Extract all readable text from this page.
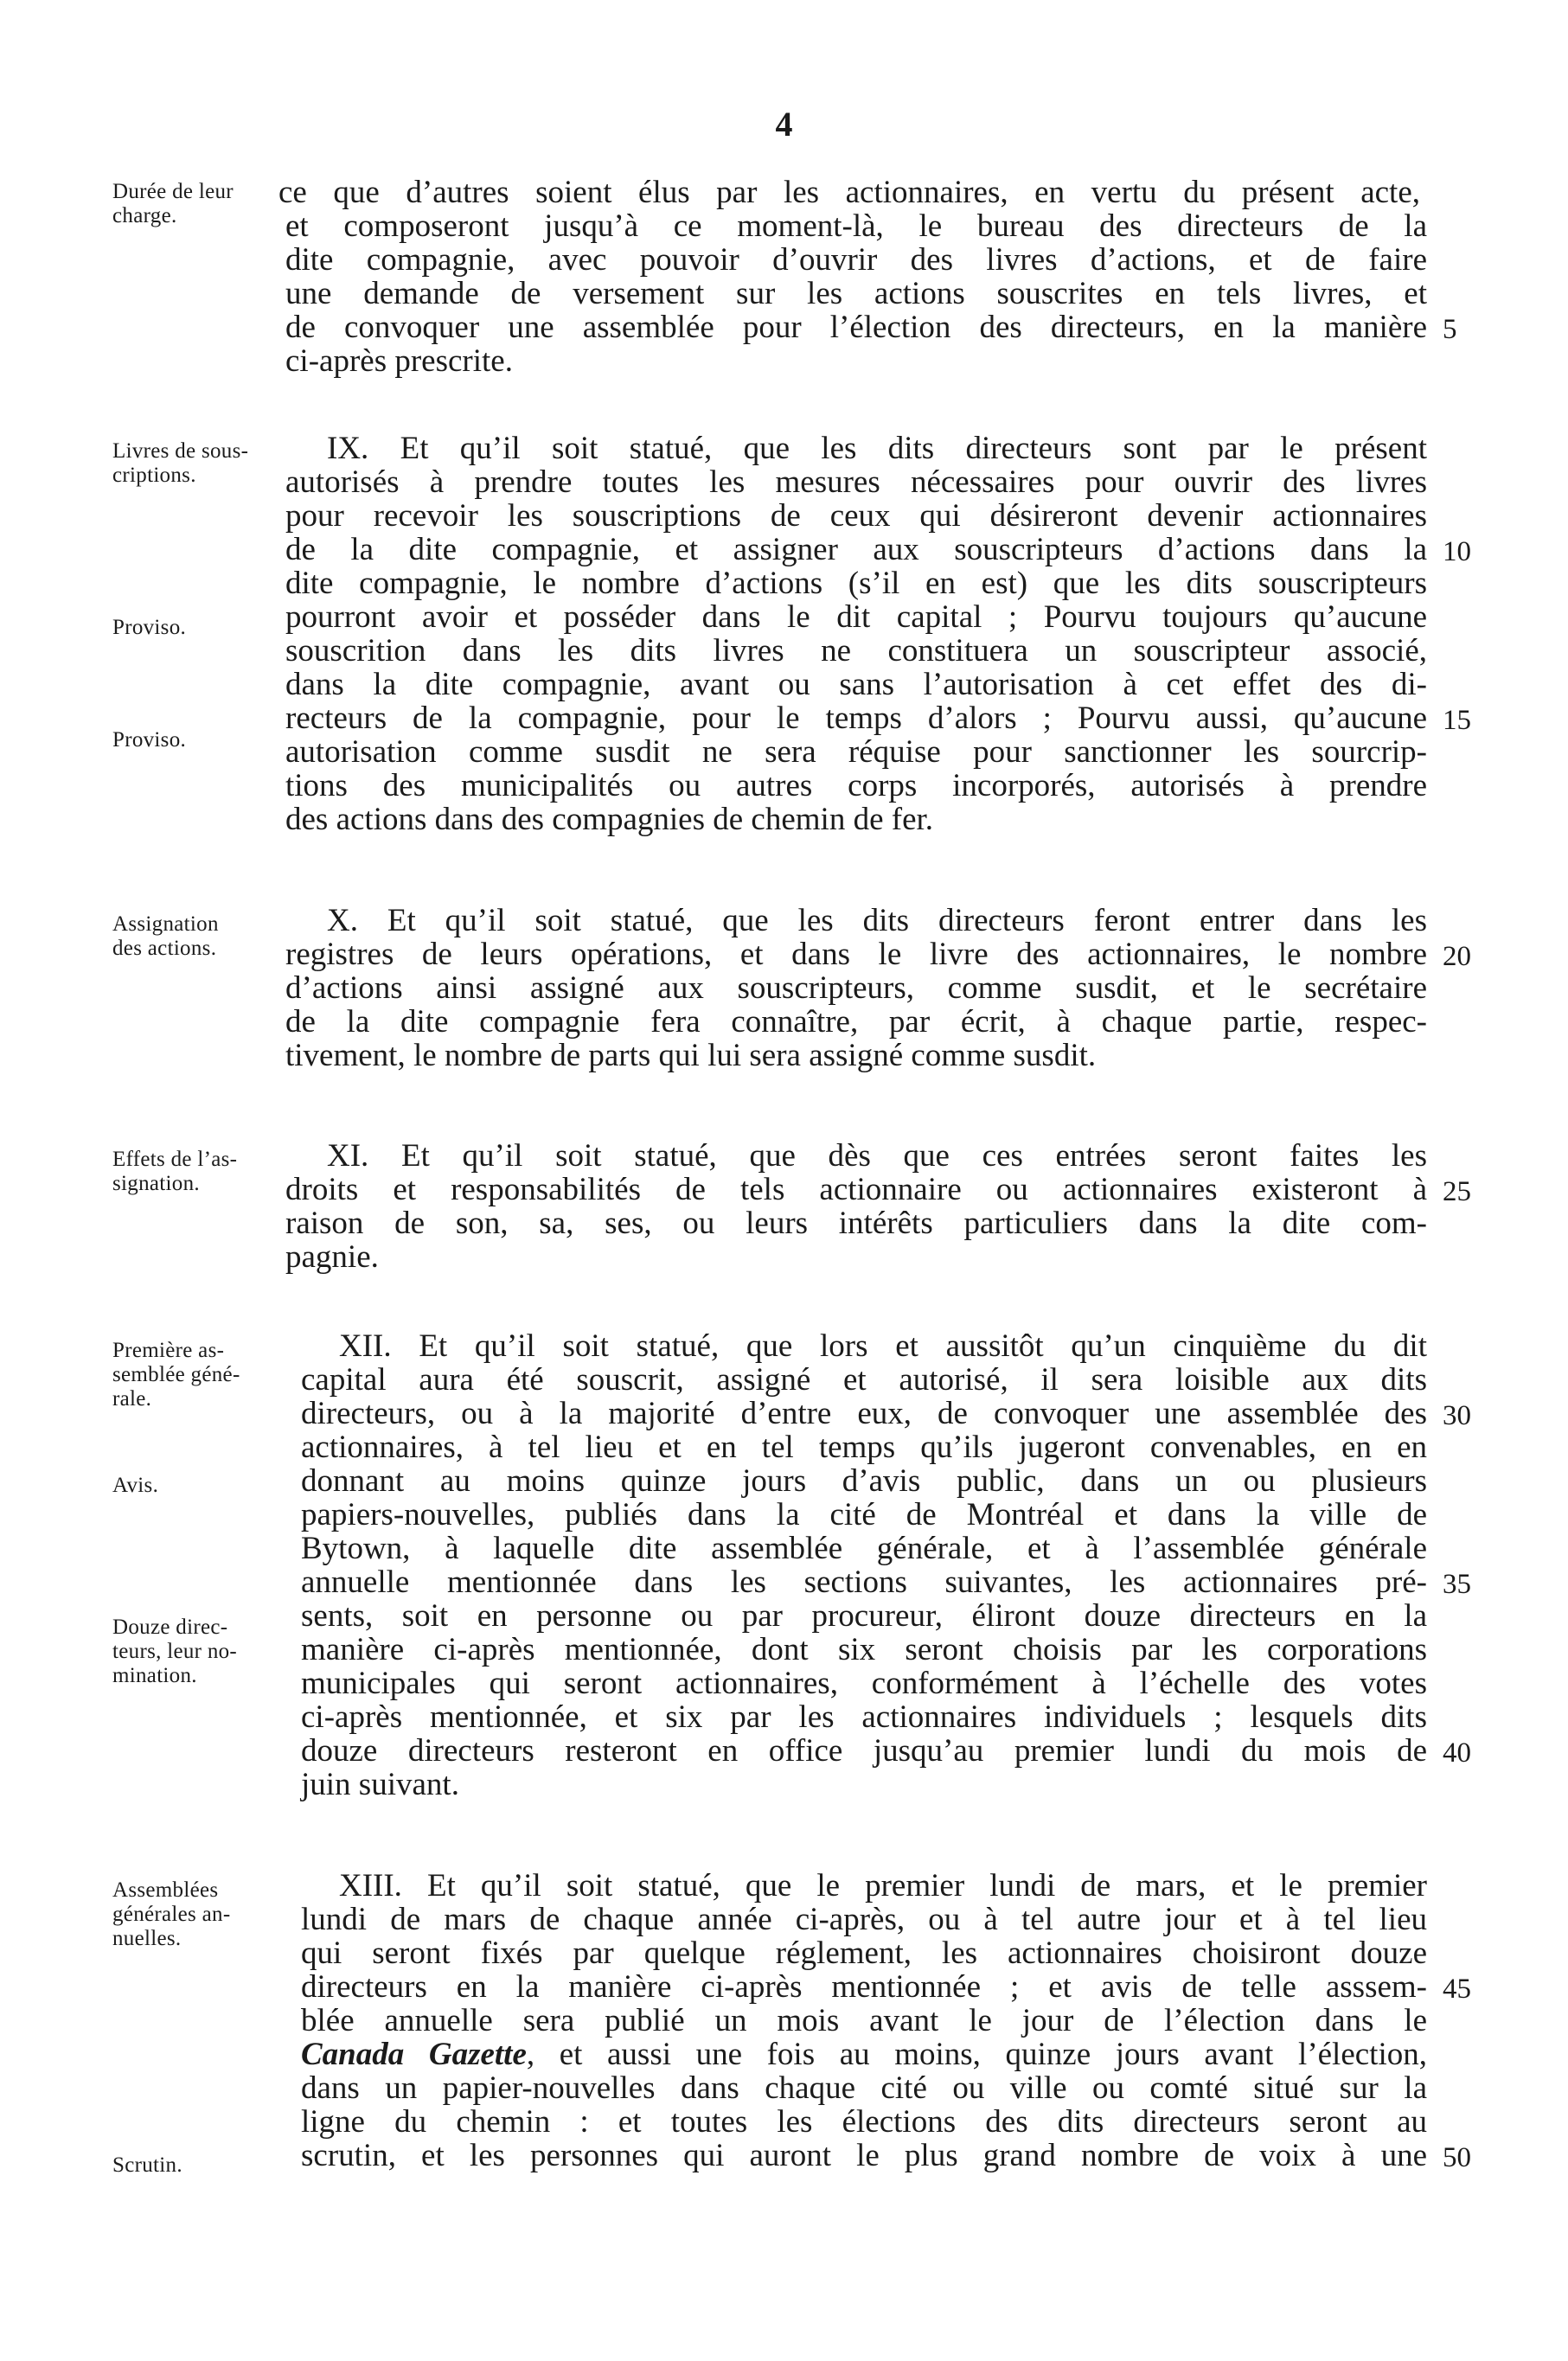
4
Durée de leur
charge.
ce que d’autres soient élus par les actionnaires, en vertu du présent acte,
et composeront jusqu’à ce moment-là, le bureau des directeurs de la
dite compagnie, avec pouvoir d’ouvrir des livres d’actions, et de faire
une demande de versement sur les actions souscrites en tels livres, et
de convoquer une assemblée pour l’élection des directeurs, en la manière 5
ci-après prescrite.
Livres de sous-
criptions.
Proviso.
Proviso.
IX. Et qu’il soit statué, que les dits directeurs sont par le présent
autorisés à prendre toutes les mesures nécessaires pour ouvrir des livres
pour recevoir les souscriptions de ceux qui désireront devenir actionnaires
de la dite compagnie, et assigner aux souscripteurs d’actions dans la 10
dite compagnie, le nombre d’actions (s’il en est) que les dits souscripteurs
pourront avoir et posséder dans le dit capital ; Pourvu toujours qu’aucune
souscrition dans les dits livres ne constituera un souscripteur associé,
dans la dite compagnie, avant ou sans l’autorisation à cet effet des di-
recteurs de la compagnie, pour le temps d’alors ; Pourvu aussi, qu’aucune 15
autorisation comme susdit ne sera réquise pour sanctionner les sourcrip-
tions des municipalités ou autres corps incorporés, autorisés à prendre
des actions dans des compagnies de chemin de fer.
Assignation
des actions.
X. Et qu’il soit statué, que les dits directeurs feront entrer dans les
registres de leurs opérations, et dans le livre des actionnaires, le nombre 20
d’actions ainsi assigné aux souscripteurs, comme susdit, et le secrétaire
de la dite compagnie fera connaître, par écrit, à chaque partie, respec-
tivement, le nombre de parts qui lui sera assigné comme susdit.
Effets de l’as-
signation.
XI. Et qu’il soit statué, que dès que ces entrées seront faites les
droits et responsabilités de tels actionnaire ou actionnaires existeront à 25
raison de son, sa, ses, ou leurs intérêts particuliers dans la dite com-
pagnie.
Première as-
semblée géné-
rale.
Avis.
Douze direc-
teurs, leur no-
mination.
XII. Et qu’il soit statué, que lors et aussitôt qu’un cinquième du dit
capital aura été souscrit, assigné et autorisé, il sera loisible aux dits
directeurs, ou à la majorité d’entre eux, de convoquer une assemblée des 30
actionnaires, à tel lieu et en tel temps qu’ils jugeront convenables, en en
donnant au moins quinze jours d’avis public, dans un ou plusieurs
papiers-nouvelles, publiés dans la cité de Montréal et dans la ville de
Bytown, à laquelle dite assemblée générale, et à l’assemblée générale
annuelle mentionnée dans les sections suivantes, les actionnaires pré- 35
sents, soit en personne ou par procureur, éliront douze directeurs en la
manière ci-après mentionnée, dont six seront choisis par les corporations
municipales qui seront actionnaires, conformément à l’échelle des votes
ci-après mentionnée, et six par les actionnaires individuels ; lesquels dits
douze directeurs resteront en office jusqu’au premier lundi du mois de 40
juin suivant.
Assemblées
générales an-
nuelles.
Scrutin.
XIII. Et qu’il soit statué, que le premier lundi de mars, et le premier
lundi de mars de chaque année ci-après, ou à tel autre jour et à tel lieu
qui seront fixés par quelque réglement, les actionnaires choisiront douze
directeurs en la manière ci-après mentionnée ; et avis de telle asssem- 45
blée annuelle sera publié un mois avant le jour de l’élection dans le
Canada Gazette, et aussi une fois au moins, quinze jours avant l’élection,
dans un papier-nouvelles dans chaque cité ou ville ou comté situé sur la
ligne du chemin : et toutes les élections des dits directeurs seront au
scrutin, et les personnes qui auront le plus grand nombre de voix à une 50
